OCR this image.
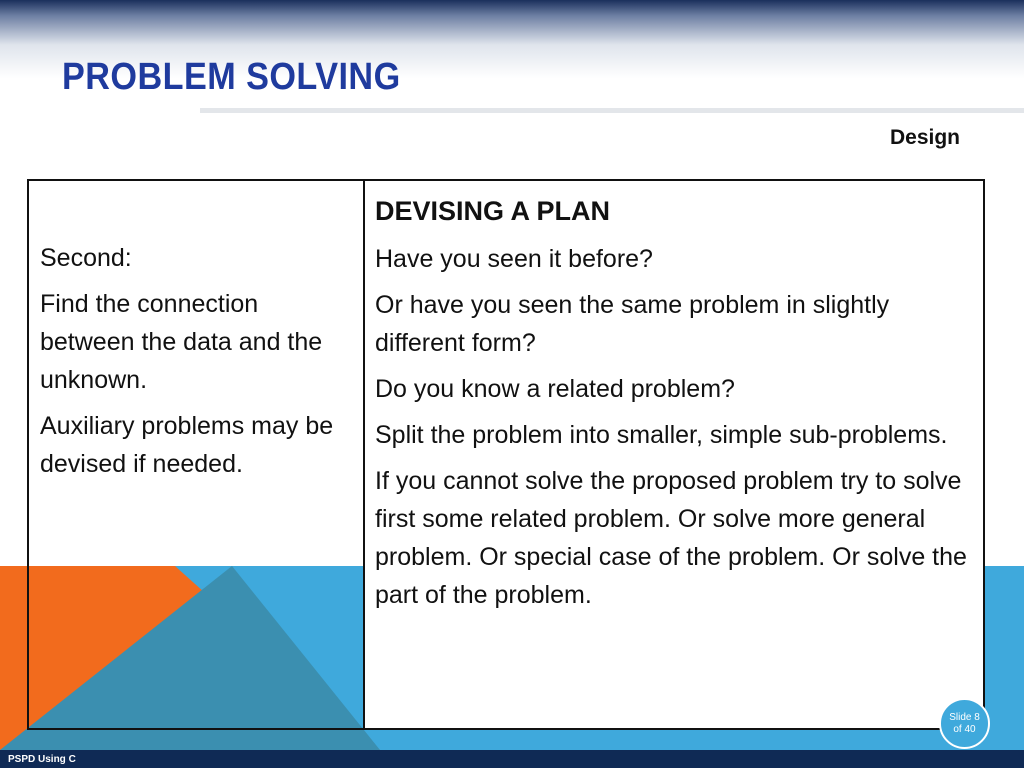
PROBLEM SOLVING
Design

Second:

Find the connection between the data and the unknown.

Auxiliary problems may be devised if needed.

DEVISING A PLAN

Have you seen it before?

Or have you seen the same problem in slightly different form?

Do you know a related problem?

Split the problem into smaller, simple sub-problems.

If you cannot solve the proposed problem try to solve first some related problem. Or solve more general problem. Or special case of the problem. Or solve the part of the problem.

Slide 8
of 40
PSPD Using C
